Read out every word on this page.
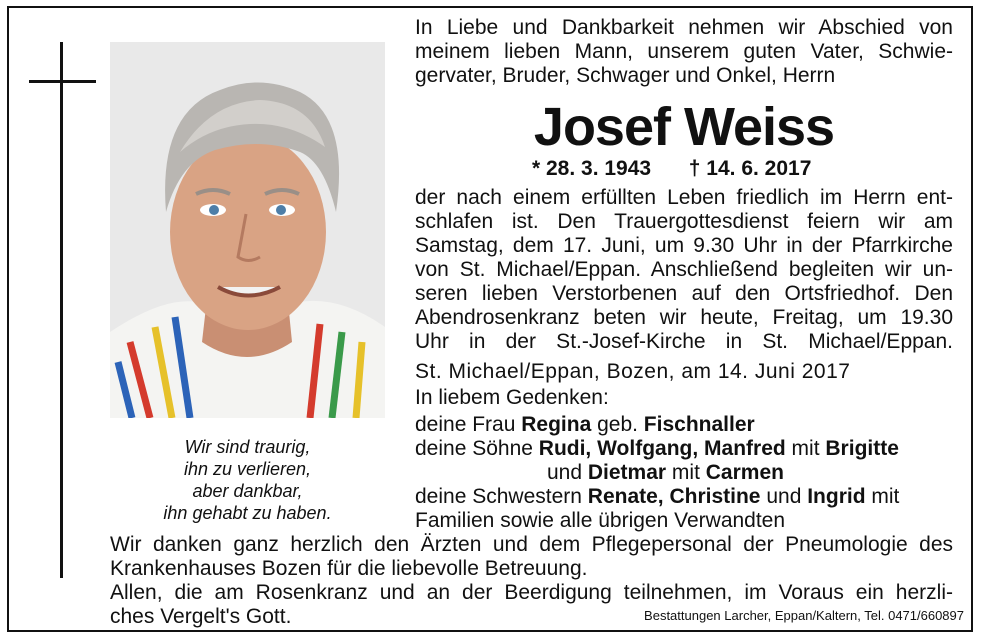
Wir sind traurig,
ihn zu verlieren,
aber dankbar,
ihn gehabt zu haben.
In Liebe und Dankbarkeit nehmen wir Abschied von
meinem lieben Mann, unserem guten Vater, Schwie-
gervater, Bruder, Schwager und Onkel, Herrn
Josef Weiss
* 28. 3. 1943 † 14. 6. 2017
der nach einem erfüllten Leben friedlich im Herrn ent-
schlafen ist. Den Trauergottesdienst feiern wir am
Samstag, dem 17. Juni, um 9.30 Uhr in der Pfarrkirche
von St. Michael/Eppan. Anschließend begleiten wir un-
seren lieben Verstorbenen auf den Ortsfriedhof. Den
Abendrosenkranz beten wir heute, Freitag, um 19.30
Uhr in der St.-Josef-Kirche in St. Michael/Eppan.
St. Michael/Eppan, Bozen, am 14. Juni 2017
In liebem Gedenken:
deine Frau Regina geb. Fischnaller
deine Söhne Rudi, Wolfgang, Manfred mit Brigitte
und Dietmar mit Carmen
deine Schwestern Renate, Christine und Ingrid mit
Familien sowie alle übrigen Verwandten
Wir danken ganz herzlich den Ärzten und dem Pflegepersonal der Pneumologie des
Krankenhauses Bozen für die liebevolle Betreuung.
Allen, die am Rosenkranz und an der Beerdigung teilnehmen, im Voraus ein herzli-
ches Vergelt's Gott.	Bestattungen Larcher, Eppan/Kaltern, Tel. 0471/660897
